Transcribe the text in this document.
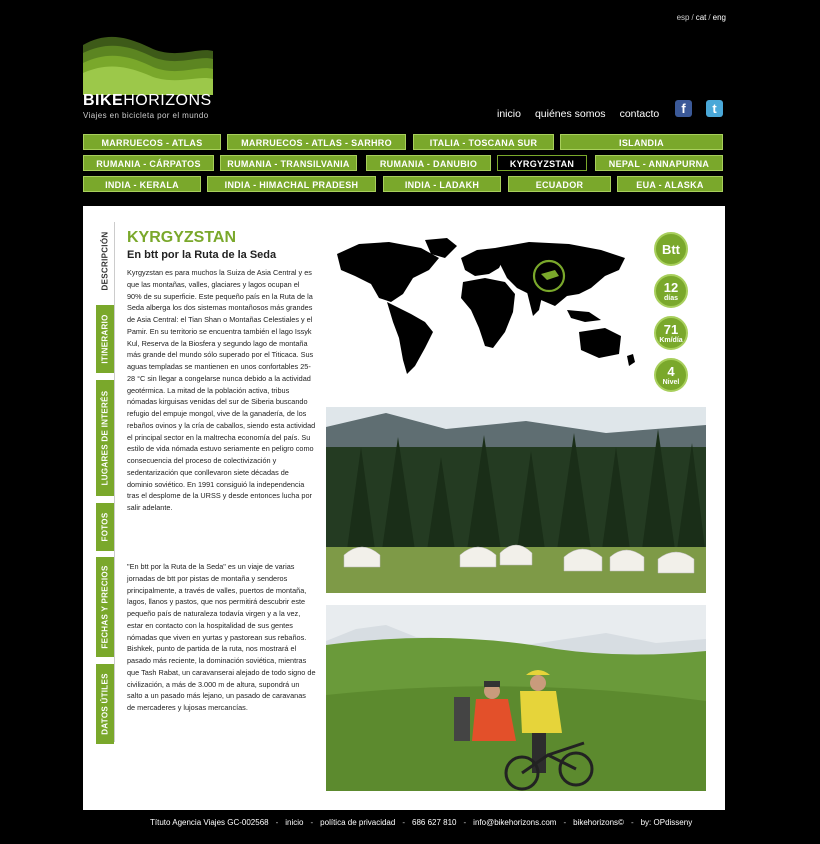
esp / cat / eng
BIKEHORIZONS
Viajes en bicicleta por el mundo	inicio quiénes somos contacto	f	t
MARRUECOS - ATLAS	MARRUECOS - ATLAS - SARHRO	ITALIA - TOSCANA SUR	ISLANDIA
RUMANIA - CÁRPATOS	RUMANIA - TRANSILVANIA	RUMANIA - DANUBIO	KYRGYZSTAN	NEPAL - ANNAPURNA
INDIA - KERALA	INDIA - HIMACHAL PRADESH	INDIA - LADAKH	ECUADOR	EUA - ALASKA
DESCRIPCIÓN
ITINERARIO
LUGARES DE INTERÉS
FOTOS
FECHAS Y PRECIOS
DATOS ÚTILES
KYRGYZSTAN
En btt por la Ruta de la Seda
Kyrgyzstan es para muchos la Suiza de Asia Central y es que las montañas, valles, glaciares y lagos ocupan el 90% de su superficie. Este pequeño país en la Ruta de la Seda alberga los dos sistemas montañosos más grandes de Asia Central: el Tian Shan o Montañas Celestiales y el Pamir. En su territorio se encuentra también el lago Issyk Kul, Reserva de la Biosfera y segundo lago de montaña más grande del mundo sólo superado por el Titicaca. Sus aguas templadas se mantienen en unos confortables 25-28 °C sin llegar a congelarse nunca debido a la actividad geotérmica. La mitad de la población activa, tribus nómadas kirguisas venidas del sur de Siberia buscando refugio del empuje mongol, vive de la ganadería, de los rebaños ovinos y la cría de caballos, siendo esta actividad el principal sector en la maltrecha economía del país. Su estilo de vida nómada estuvo seriamente en peligro como consecuencia del proceso de colectivización y sedentarización que conllevaron siete décadas de dominio soviético. En 1991 consiguió la independencia tras el desplome de la URSS y desde entonces lucha por salir adelante.
"En btt por la Ruta de la Seda" es un viaje de varias jornadas de btt por pistas de montaña y senderos principalmente, a través de valles, puertos de montaña, lagos, llanos y pastos, que nos permitirá descubrir este pequeño país de naturaleza todavía virgen y a la vez, estar en contacto con la hospitalidad de sus gentes nómadas que viven en yurtas y pastorean sus rebaños. Bishkek, punto de partida de la ruta, nos mostrará el pasado más reciente, la dominación soviética, mientras que Tash Rabat, un caravanserai alejado de todo signo de civilización, a más de 3.000 m de altura, supondrá un salto a un pasado más lejano, un pasado de caravanas de mercaderes y lujosas mercancías.
Btt
12
días
71
Km/día
4
Nivel
Títuto Agencia Viajes GC-002568 - inicio - política de privacidad - 686 627 810 - info@bikehorizons.com - bikehorizons© - by: OPdisseny
